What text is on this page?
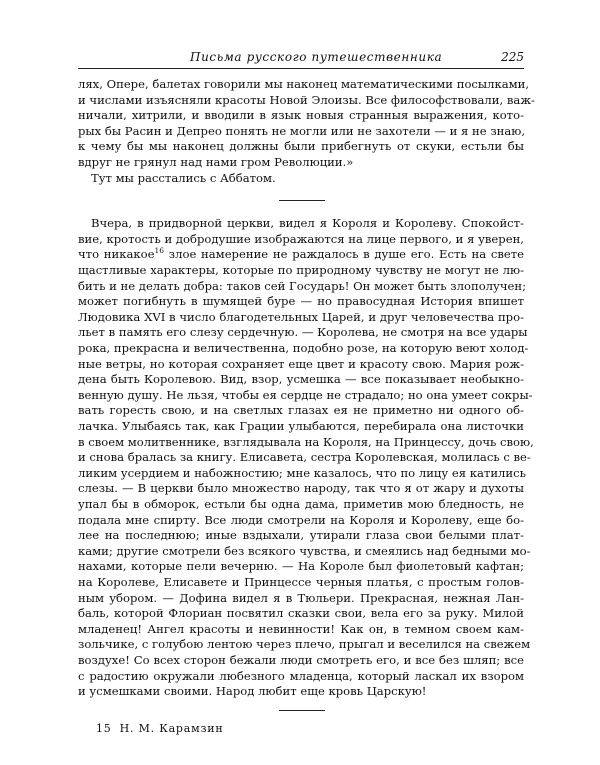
Письма русского путешественника	225
лях, Опере, балетах говорили мы наконец математическими посылками,
и числами изъясняли красоты Новой Элоизы. Все философствовали, важ-
ничали, хитрили, и вводили в язык новыя странныя выражения, кото-
рых бы Расин и Депрео понять не могли или не захотели — и я не знаю,
к чему бы мы наконец должны были прибегнуть от скуки, естьли бы
вдруг не грянул над нами гром Революции.»
Тут мы расстались с Аббатом.
Вчера, в придворной церкви, видел я Короля и Королеву. Спокойст-
вие, кротость и добродушие изображаются на лице первого, и я уверен,
что никакое$^{16}$ злое намерение не раждалось в душе его. Есть на свете
щастливые характеры, которые по природному чувству не могут не лю-
бить и не делать добра: таков сей Государь! Он может быть злополучен;
может погибнуть в шумящей буре — но правосудная История впишет
Людовика XVI в число благодетельных Царей, и друг человечества про-
льет в память его слезу сердечную. — Королева, не смотря на все удары
рока, прекрасна и величественна, подобно розе, на которую веют холод-
ные ветры, но которая сохраняет еще цвет и красоту свою. Мария рож-
дена быть Королевою. Вид, взор, усмешка — все показывает необыкно-
венную душу. Не льзя, чтобы ея сердце не страдало; но она умеет сокры-
вать горесть свою, и на светлых глазах ея не приметно ни одного об-
лачка. Улыбаясь так, как Грации улыбаются, перебирала она листочки
в своем молитвеннике, взглядывала на Короля, на Принцессу, дочь свою,
и снова бралась за книгу. Елисавета, сестра Королевская, молилась с ве-
ликим усердием и набожностию; мне казалось, что по лицу ея катились
слезы. — В церкви было множество народу, так что я от жару и духоты
упал бы в обморок, естьли бы одна дама, приметив мою бледность, не
подала мне спирту. Все люди смотрели на Короля и Королеву, еще бо-
лее на последнюю; иные вздыхали, утирали глаза свои белыми плат-
ками; другие смотрели без всякого чувства, и смеялись над бедными мо-
нахами, которые пели вечерню. — На Короле был фиолетовый кафтан;
на Королеве, Елисавете и Принцессе черныя платья, с простым голов-
ным убором. — Дофина видел я в Тюльери. Прекрасная, нежная Лан-
баль, которой Флориан посвятил сказки свои, вела его за руку. Милой
младенец! Ангел красоты и невинности! Как он, в темном своем кам-
зольчике, с голубою лентою через плечо, прыгал и веселился на свежем
воздухе! Со всех сторон бежали люди смотреть его, и все без шляп; все
с радостию окружали любезного младенца, который ласкал их взором
и усмешками своими. Народ любит еще кровь Царскую!
15 Н. М. Карамзин
